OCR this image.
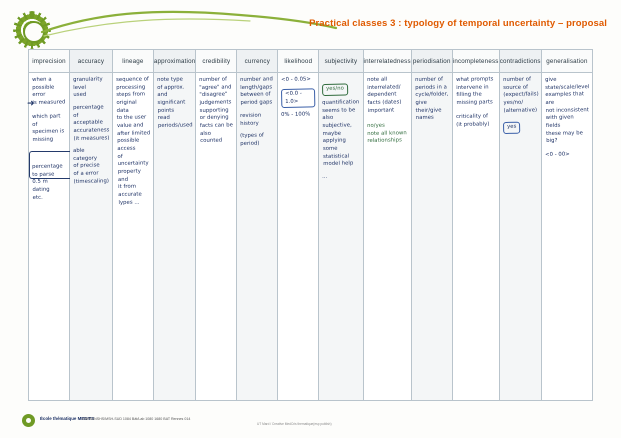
Practical classes 3 : typology of temporal uncertainty – proposal
imprecision
when a
possible error
is measured
➜
which part of
specimen is
missing
percentage
to parse
0.5 m dating
etc.
accuracy
granularity
level
used
percentage of
acceptable
accurateness
(it measures)
able category
of precise
of a error
(timescaling)
lineage
sequence of
processing
steps from
original data
to the user
value and
after limited
possible access
of uncertainty
property and
it from accurate
lypes ...
approximation
note type
of approx. and
significant
points
read periods/used
credibility
number of
"agree" and
"disagree"
judgements
supporting
or denying
facts can be
also counted
currency
number and
length/gaps
between of
period gaps
revision history
(types of period)
likelihood
<0 - 0.05>
<0.0 - 1.0>
0% - 100%
subjectivity
yes/no
quantification
seems to be
also subjective,
maybe applying
some statistical
model help
...
interrelatedness
note all
interrelated/
dependent
facts (dates)
important
no/yes
note all known
relationships
periodisation
number of
periods in a
cycle/folder,
give their/give
names
incompleteness
what prompts
intervene in
filling the
missing parts
criticality of
(it probably)
contradictions
number of
source of
(expect/fails)
yes/no/
(alternative)
yes
generalisation
give state/scale/level
examples that are
not inconsistent
with given fields
these may be big?
<0 - 00>
École thématique MEDITS
CNRS/INSHS/MSH-SUD 1084 Bât/Lab 1080 1680 BAT Rennes 014
UT Mard / Creative MedCris thematique(esp publish)
